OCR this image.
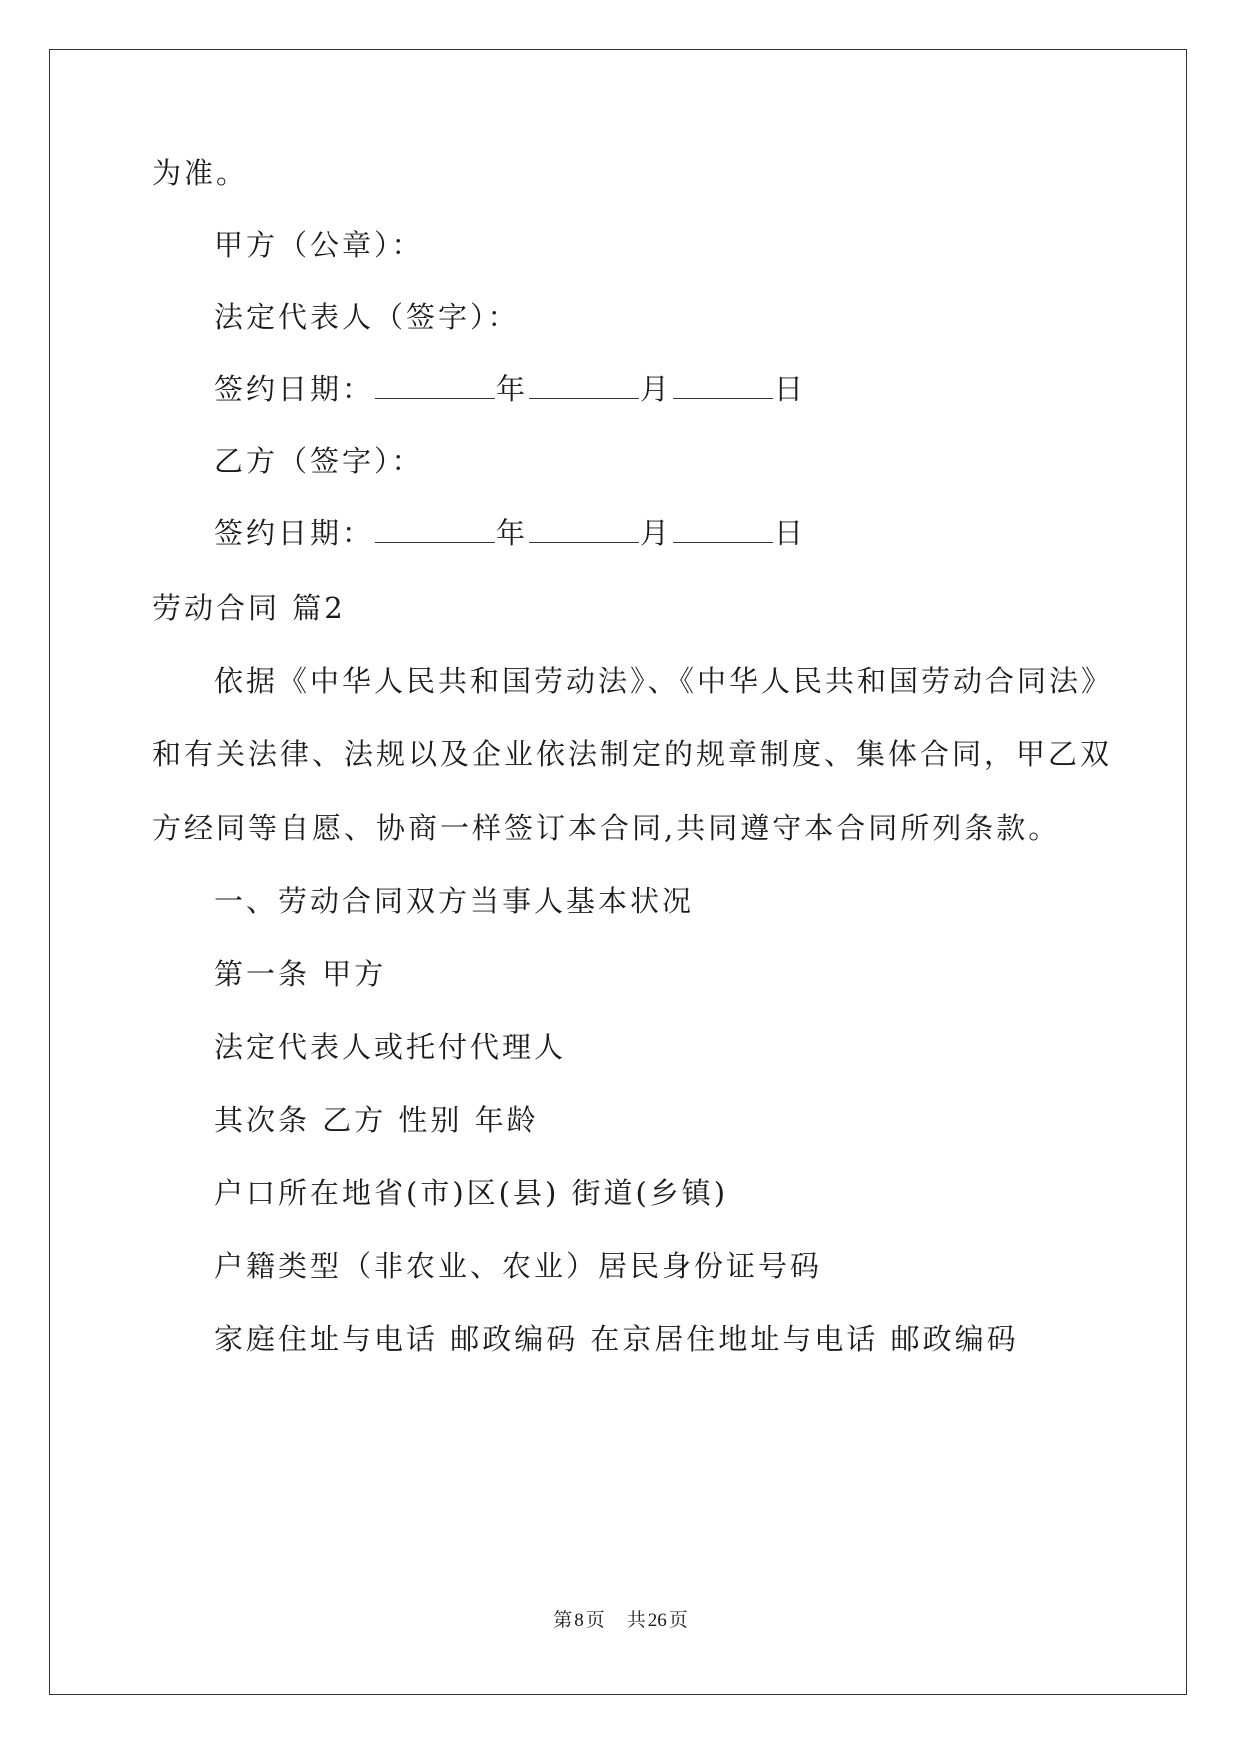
为准。
甲方（公章）：
法定代表人（签字）：
签约日期：	年	月	日
乙方（签字）：
签约日期：	年	月	日
劳动合同 篇2
依据《中华人民共和国劳动法》、《中华人民共和国劳动合同法》
和有关法律、法规以及企业依法制定的规章制度、集体合同，甲乙双
方经同等自愿、协商一样签订本合同,共同遵守本合同所列条款。
一、劳动合同双方当事人基本状况
第一条 甲方
法定代表人或托付代理人
其次条 乙方 性别 年龄
户口所在地省(市)区(县) 街道(乡镇)
户籍类型（非农业、农业）居民身份证号码
家庭住址与电话 邮政编码 在京居住地址与电话 邮政编码
第 8 页 共 26 页
